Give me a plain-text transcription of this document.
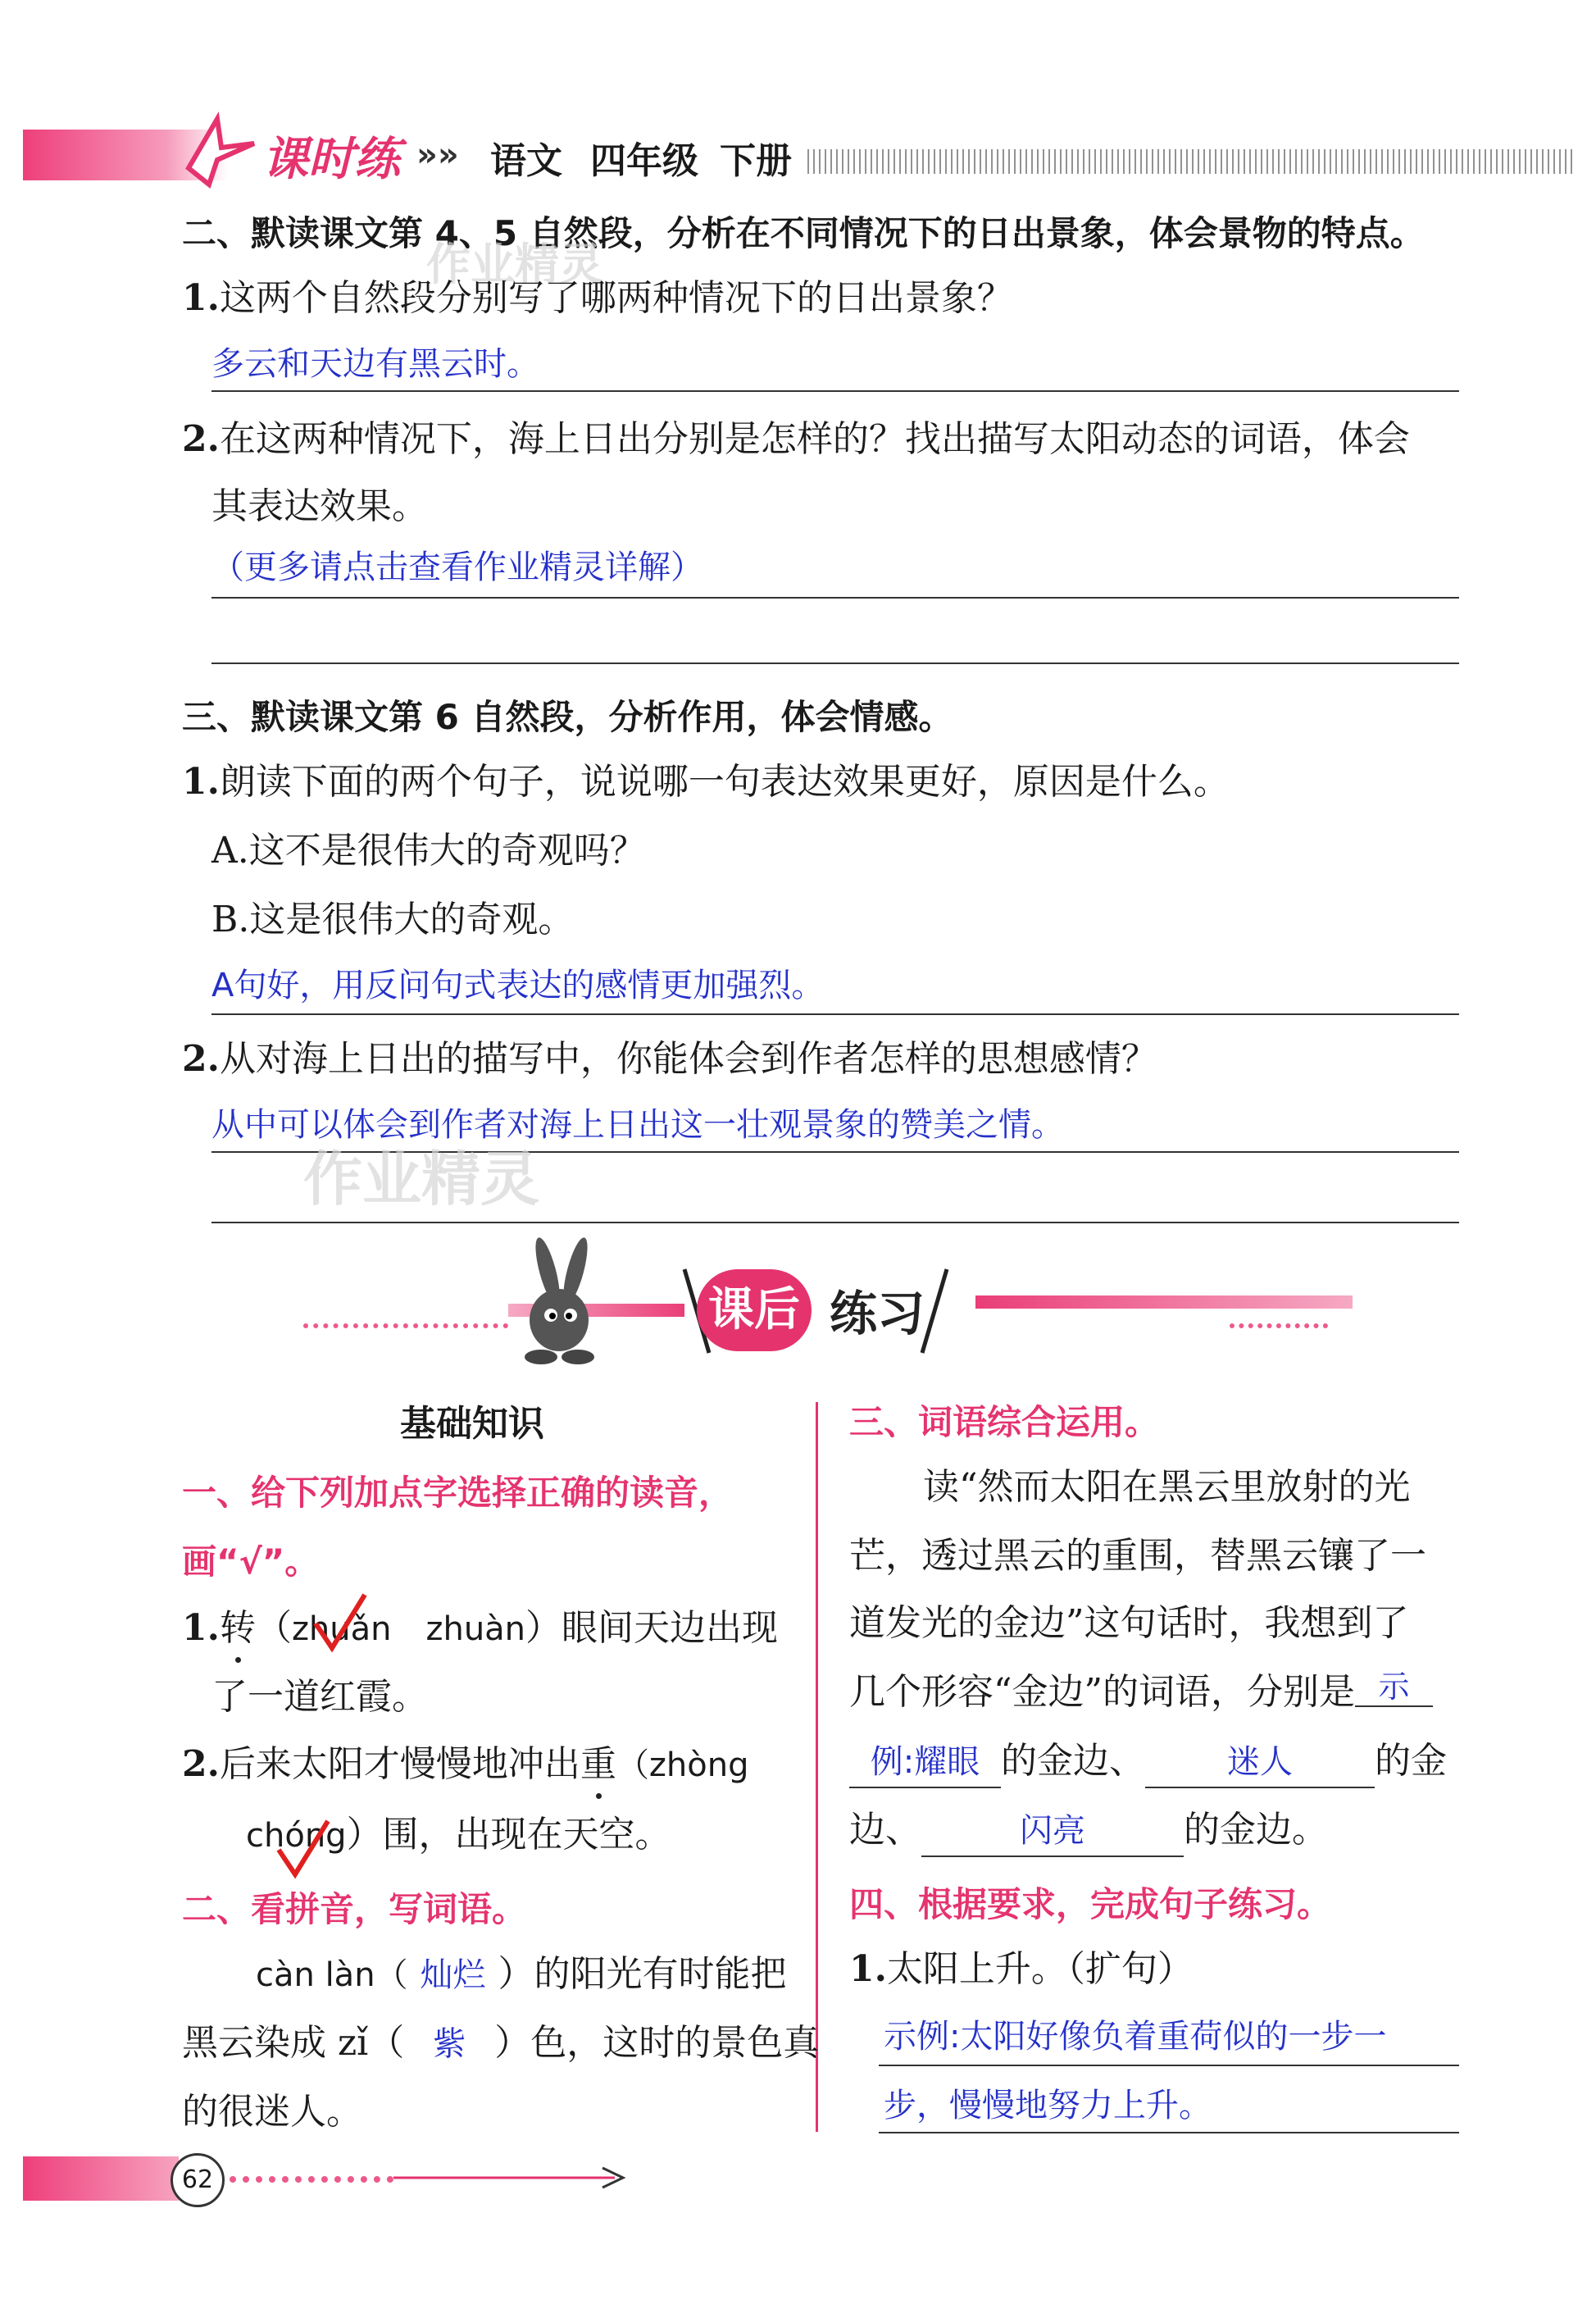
课时练 »» 语文 四年级 下册
二、默读课文第 4、5 自然段，分析在不同情况下的日出景象，体会景物的特点。
作业精灵
1.这两个自然段分别写了哪两种情况下的日出景象？
多云和天边有黑云时。
2.在这两种情况下，海上日出分别是怎样的？找出描写太阳动态的词语，体会
其表达效果。
（更多请点击查看作业精灵详解）
三、默读课文第 6 自然段，分析作用，体会情感。
1.朗读下面的两个句子，说说哪一句表达效果更好，原因是什么。
A.这不是很伟大的奇观吗？
B.这是很伟大的奇观。
A句好，用反问句式表达的感情更加强烈。
2.从对海上日出的描写中，你能体会到作者怎样的思想感情？
从中可以体会到作者对海上日出这一壮观景象的赞美之情。
作业精灵
课后 练习
基础知识
一、给下列加点字选择正确的读音，
画“√”。
1.转（zhuǎn zhuàn）眼间天边出现
了一道红霞。
2.后来太阳才慢慢地冲出重（zhòng
chóng）围，出现在天空。
二、看拼音，写词语。
càn làn（ 灿烂 ）的阳光有时能把
黑云染成 zǐ（ 紫 ）色，这时的景色真
的很迷人。
三、词语综合运用。
读“然而太阳在黑云里放射的光
芒，透过黑云的重围，替黑云镶了一
道发光的金边”这句话时，我想到了
几个形容“金边”的词语，分别是 示
例:耀眼 的金边、	迷人 的金
边、	闪亮	的金边。
四、根据要求，完成句子练习。
1.太阳上升。（扩句）
示例:太阳好像负着重荷似的一步一
步，慢慢地努力上升。
62
